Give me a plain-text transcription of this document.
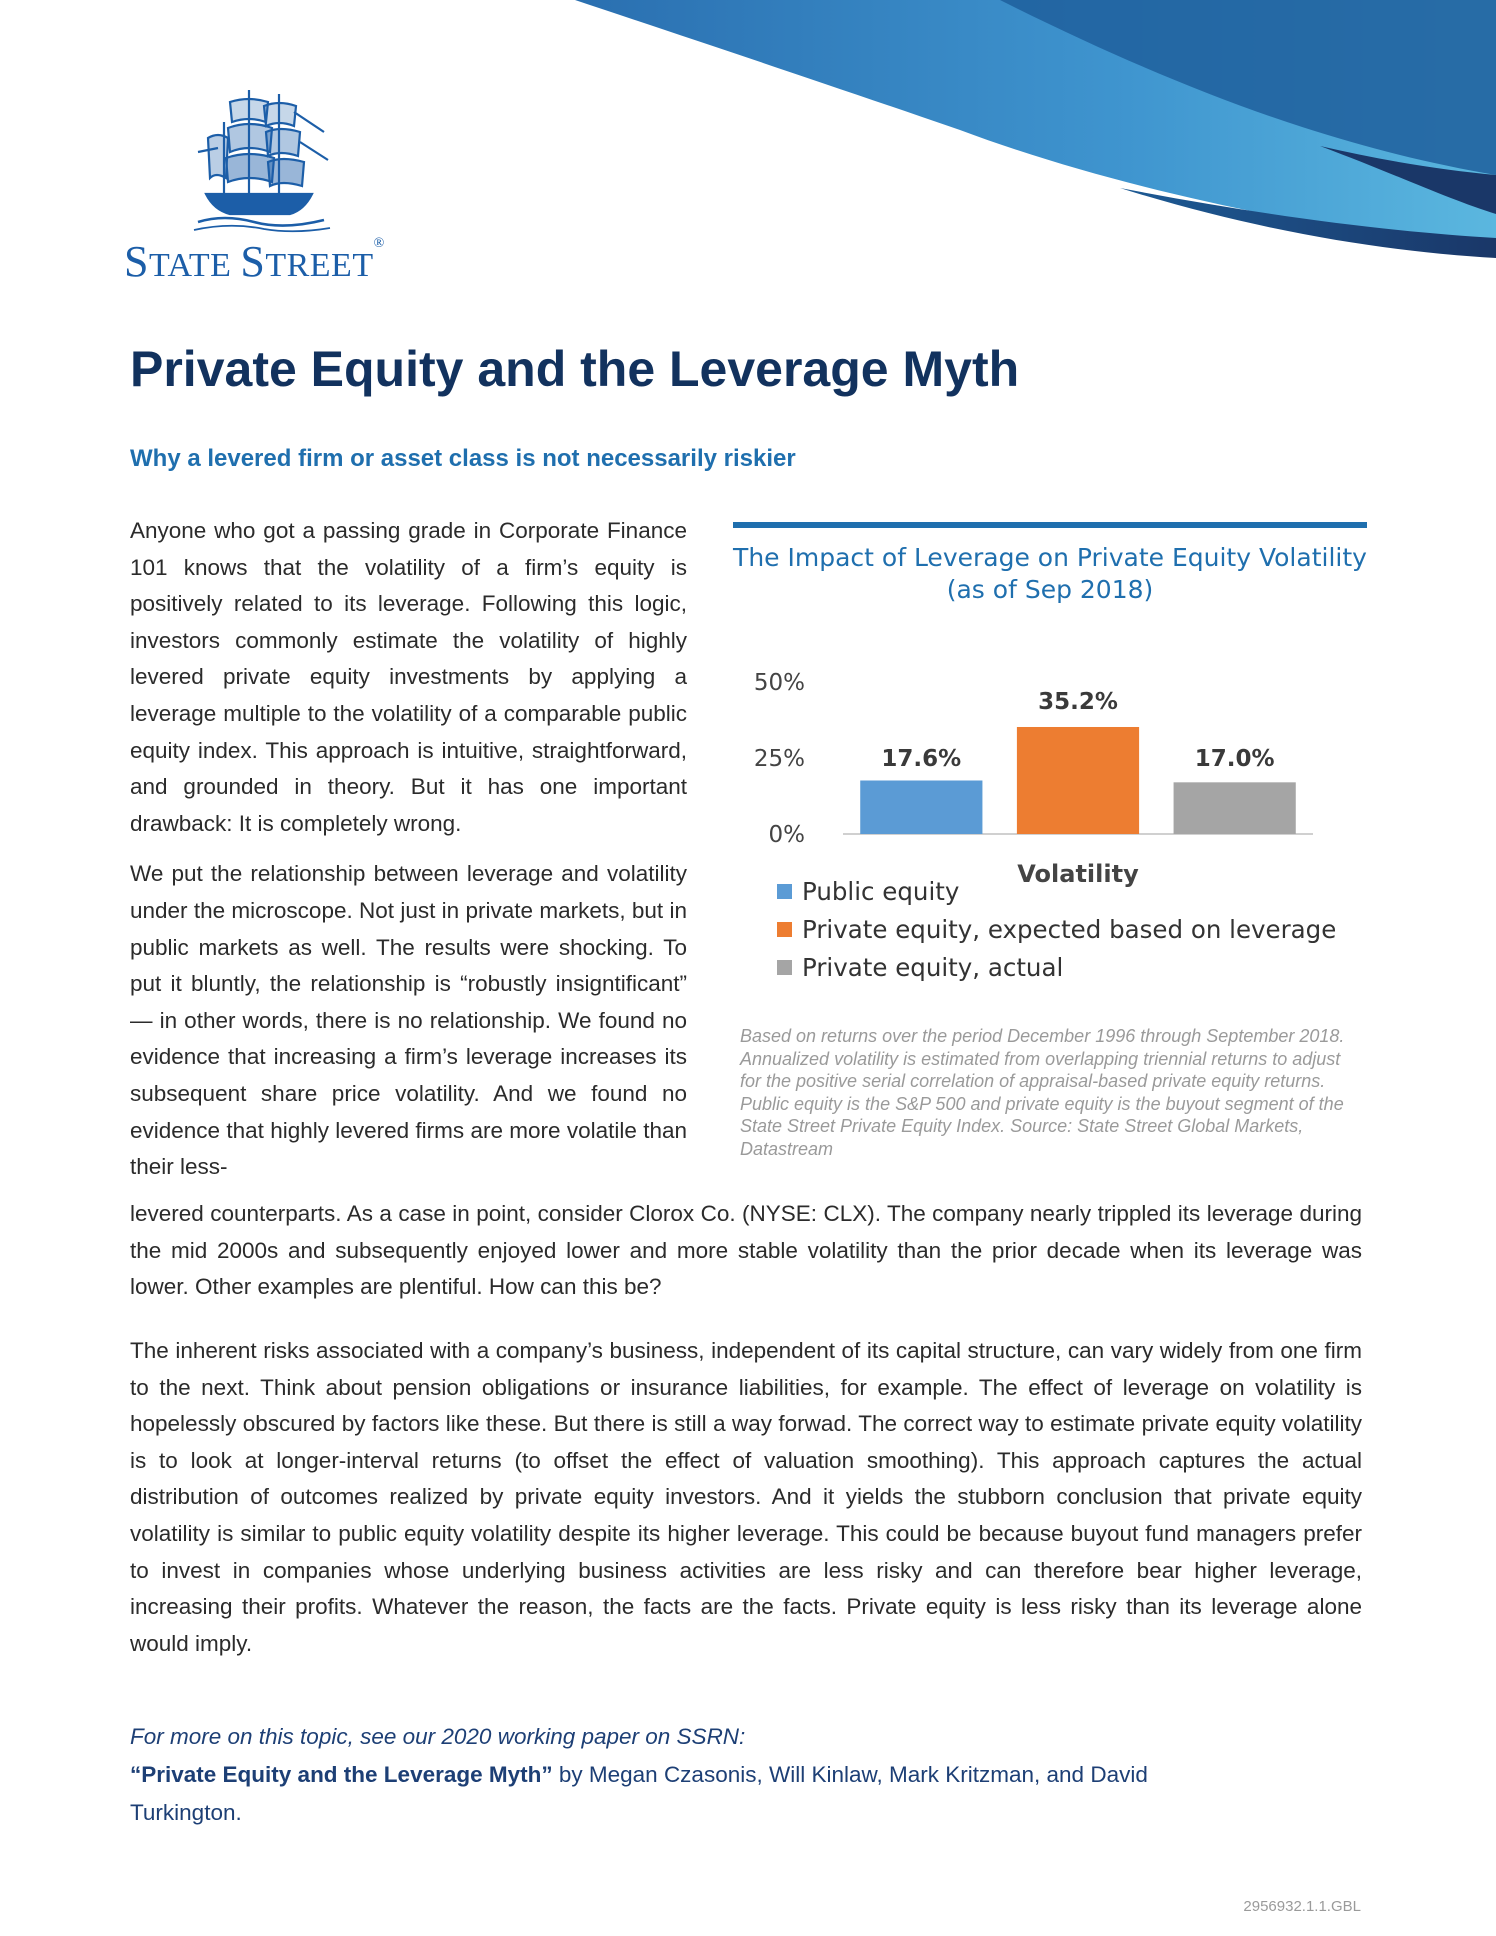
STATE STREET®
Private Equity and the Leverage Myth
Why a levered firm or asset class is not necessarily riskier

Anyone who got a passing grade in Corporate Finance 101 knows that the volatility of a firm’s equity is positively related to its leverage. Following this logic, investors commonly estimate the volatility of highly levered private equity investments by applying a leverage multiple to the volatility of a comparable public equity index. This approach is intuitive, straightforward, and grounded in theory. But it has one important drawback: It is completely wrong.

We put the relationship between leverage and volatility under the microscope. Not just in private markets, but in public markets as well. The results were shocking. To put it bluntly, the relationship is “robustly insigntificant” — in other words, there is no relationship. We found no evidence that increasing a firm’s leverage increases its subsequent share price volatility. And we found no evidence that highly levered firms are more volatile than their less-

levered counterparts. As a case in point, consider Clorox Co. (NYSE: CLX). The company nearly trippled its leverage during the mid 2000s and subsequently enjoyed lower and more stable volatility than the prior decade when its leverage was lower. Other examples are plentiful. How can this be?

The inherent risks associated with a company’s business, independent of its capital structure, can vary widely from one firm to the next. Think about pension obligations or insurance liabilities, for example. The effect of leverage on volatility is hopelessly obscured by factors like these. But there is still a way forwad. The correct way to estimate private equity volatility is to look at longer-interval returns (to offset the effect of valuation smoothing). This approach captures the actual distribution of outcomes realized by private equity investors. And it yields the stubborn conclusion that private equity volatility is similar to public equity volatility despite its higher leverage. This could be because buyout fund managers prefer to invest in companies whose underlying business activities are less risky and can therefore bear higher leverage, increasing their profits. Whatever the reason, the facts are the facts. Private equity is less risky than its leverage alone would imply.

The Impact of Leverage on Private Equity Volatility (as of Sep 2018)
50%
25%
0%
17.6%
35.2%
17.0%
Volatility
Public equity
Private equity, expected based on leverage
Private equity, actual
Based on returns over the period December 1996 through September 2018. Annualized volatility is estimated from overlapping triennial returns to adjust for the positive serial correlation of appraisal-based private equity returns. Public equity is the S&P 500 and private equity is the buyout segment of the State Street Private Equity Index. Source: State Street Global Markets, Datastream
For more on this topic, see our 2020 working paper on SSRN:
“Private Equity and the Leverage Myth” by Megan Czasonis, Will Kinlaw, Mark Kritzman, and David Turkington.
2956932.1.1.GBL
